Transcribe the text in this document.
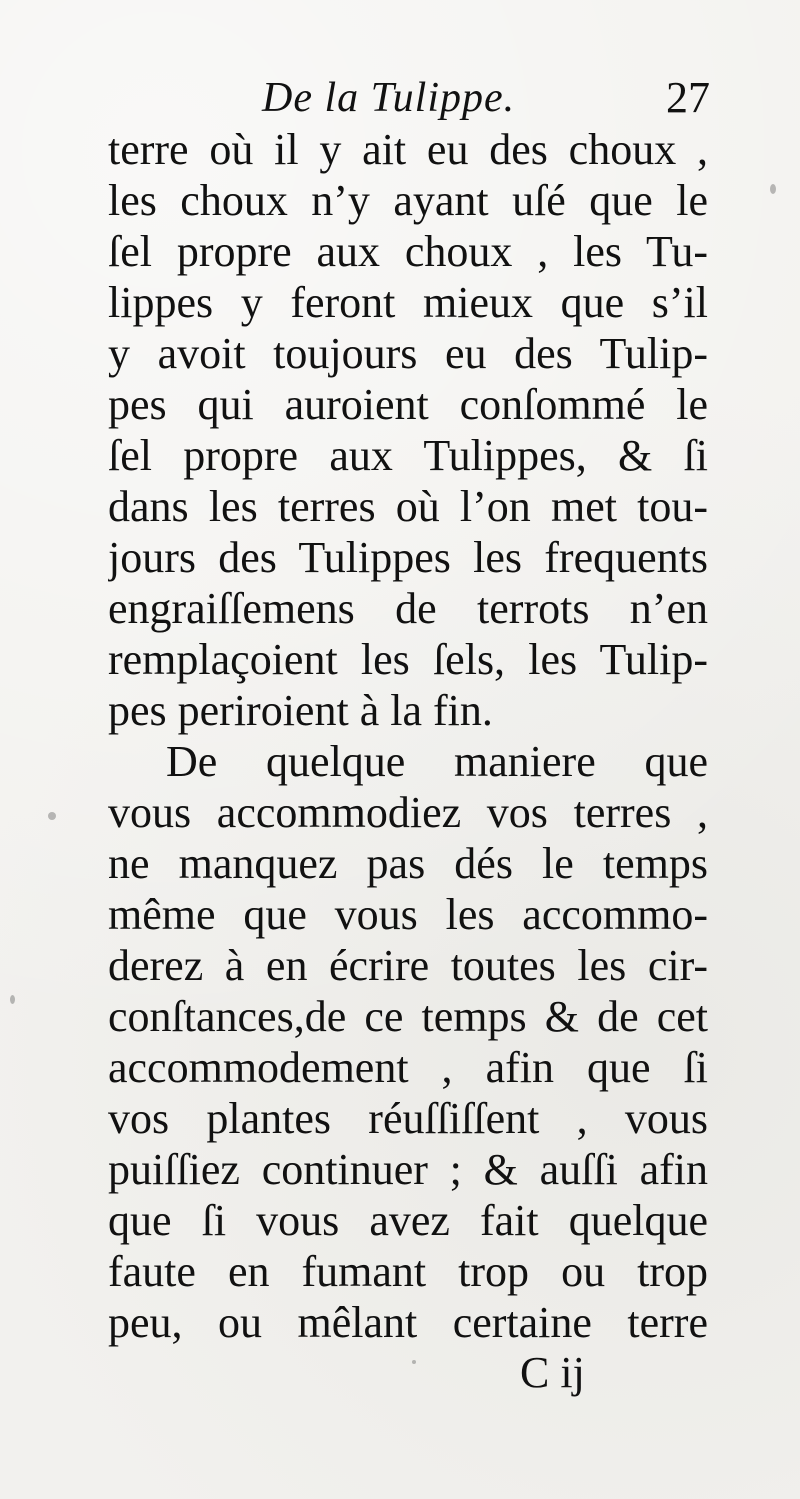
De la Tulippe.	27
terre où il y ait eu des choux ,
les choux n’y ayant uſé que le
ſel propre aux choux , les Tu-
lippes y feront mieux que s’il
y avoit toujours eu des Tulip-
pes qui auroient conſommé le
ſel propre aux Tulippes, & ſi
dans les terres où l’on met tou-
jours des Tulippes les frequents
engraiſſemens de terrots n’en
remplaçoient les ſels, les Tulip-
pes periroient à la fin.
De quelque maniere que
vous accommodiez vos terres ,
ne manquez pas dés le temps
même que vous les accommo-
derez à en écrire toutes les cir-
conſtances,de ce temps & de cet
accommodement , afin que ſi
vos plantes réuſſiſſent , vous
puiſſiez continuer ; & auſſi afin
que ſi vous avez fait quelque
faute en fumant trop ou trop
peu, ou mêlant certaine terre
C ij
